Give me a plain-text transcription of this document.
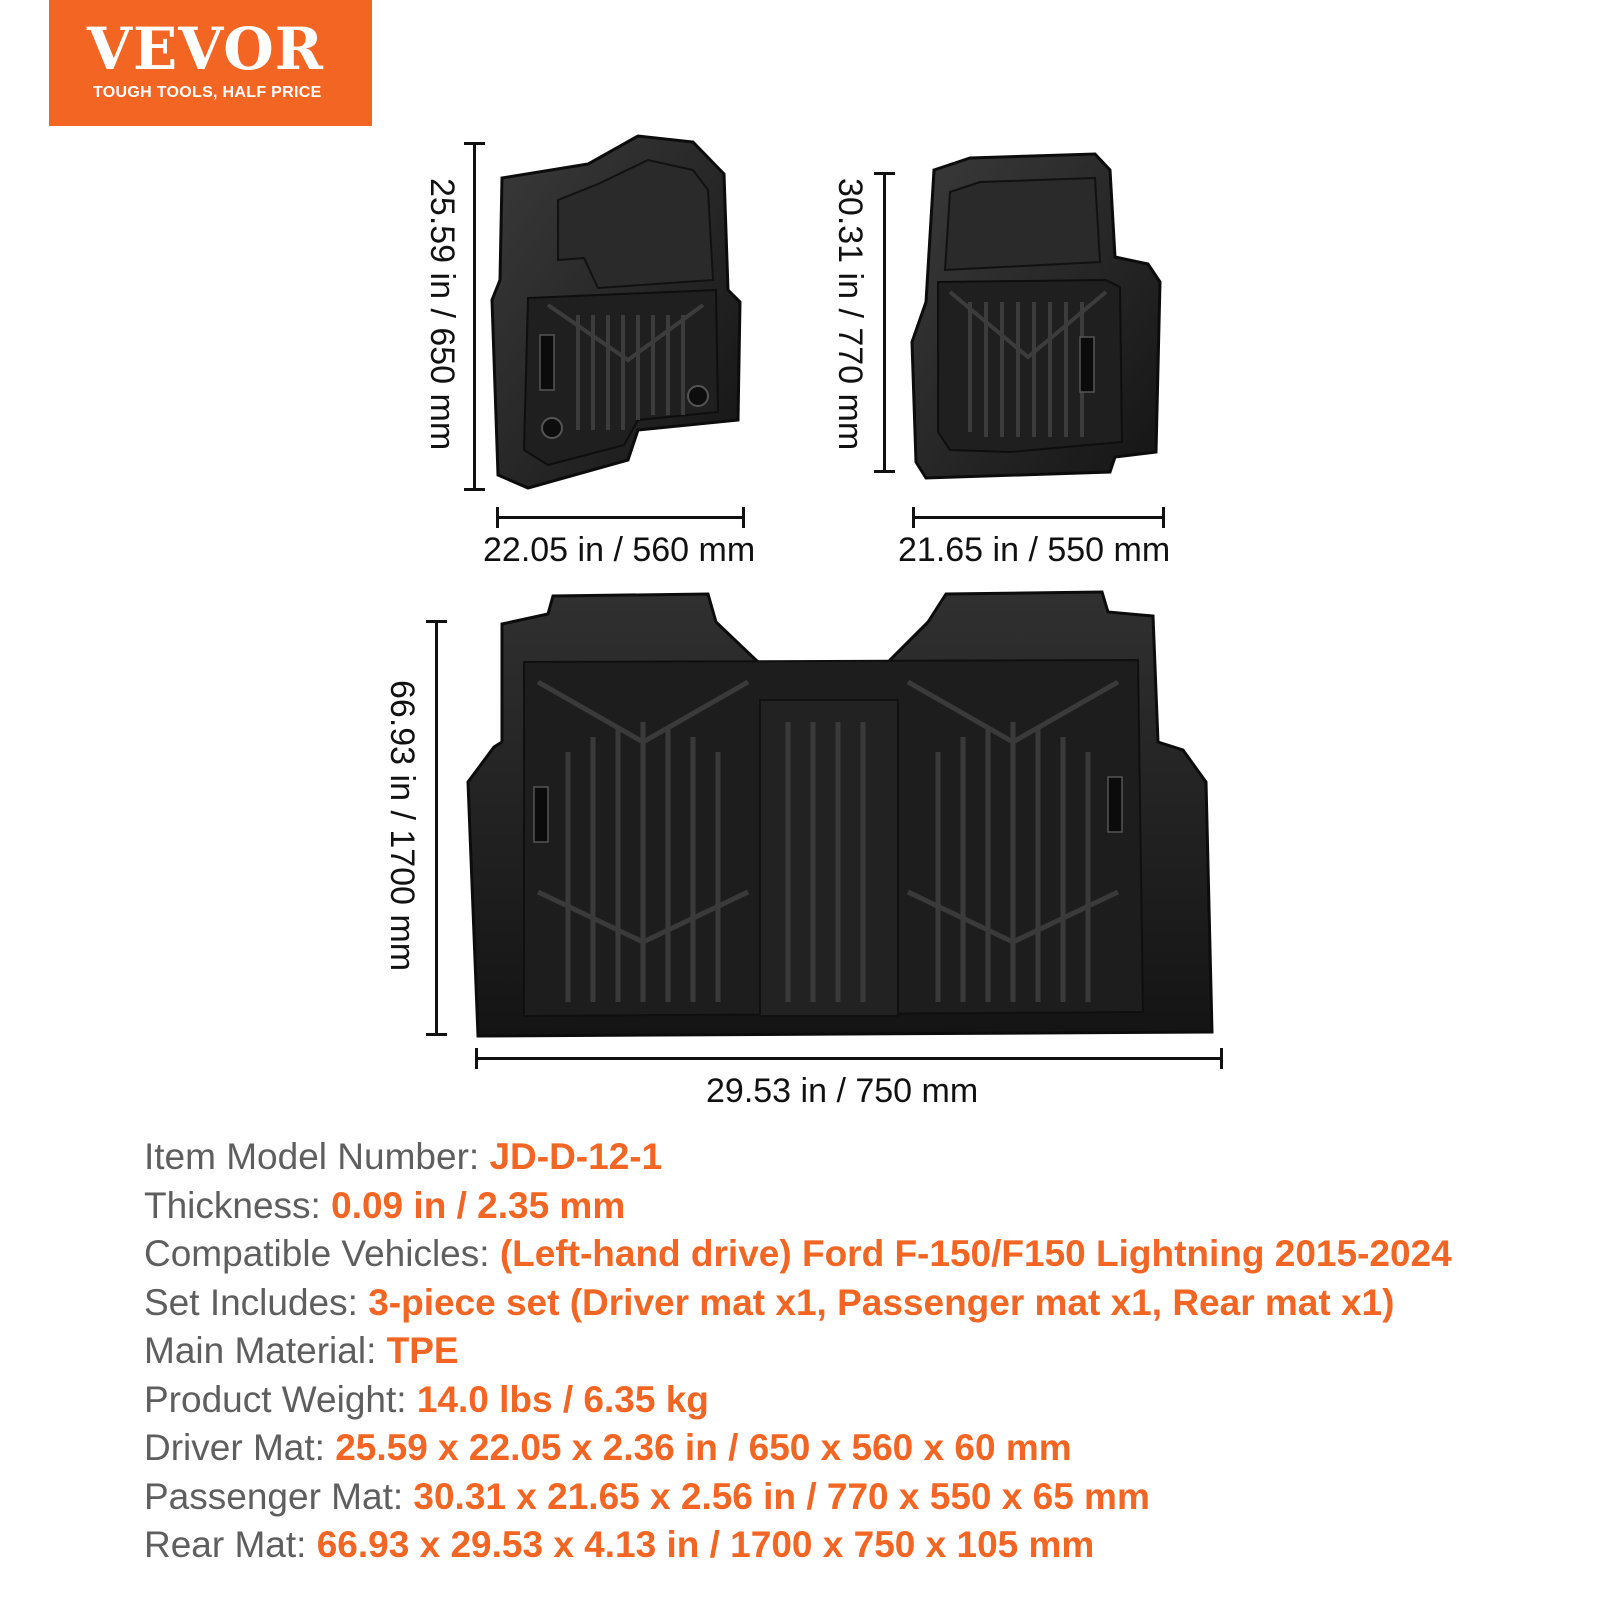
VEVOR
TOUGH TOOLS, HALF PRICE
25.59 in / 650 mm
22.05 in / 560 mm
30.31 in / 770 mm
21.65 in / 550 mm
66.93 in / 1700 mm
29.53 in / 750 mm
Item Model Number: JD-D-12-1
Thickness: 0.09 in / 2.35 mm
Compatible Vehicles: (Left-hand drive) Ford F-150/F150 Lightning 2015-2024
Set Includes: 3-piece set (Driver mat x1, Passenger mat x1, Rear mat x1)
Main Material: TPE
Product Weight: 14.0 lbs / 6.35 kg
Driver Mat: 25.59 x 22.05 x 2.36 in / 650 x 560 x 60 mm
Passenger Mat: 30.31 x 21.65 x 2.56 in / 770 x 550 x 65 mm
Rear Mat: 66.93 x 29.53 x 4.13 in / 1700 x 750 x 105 mm
